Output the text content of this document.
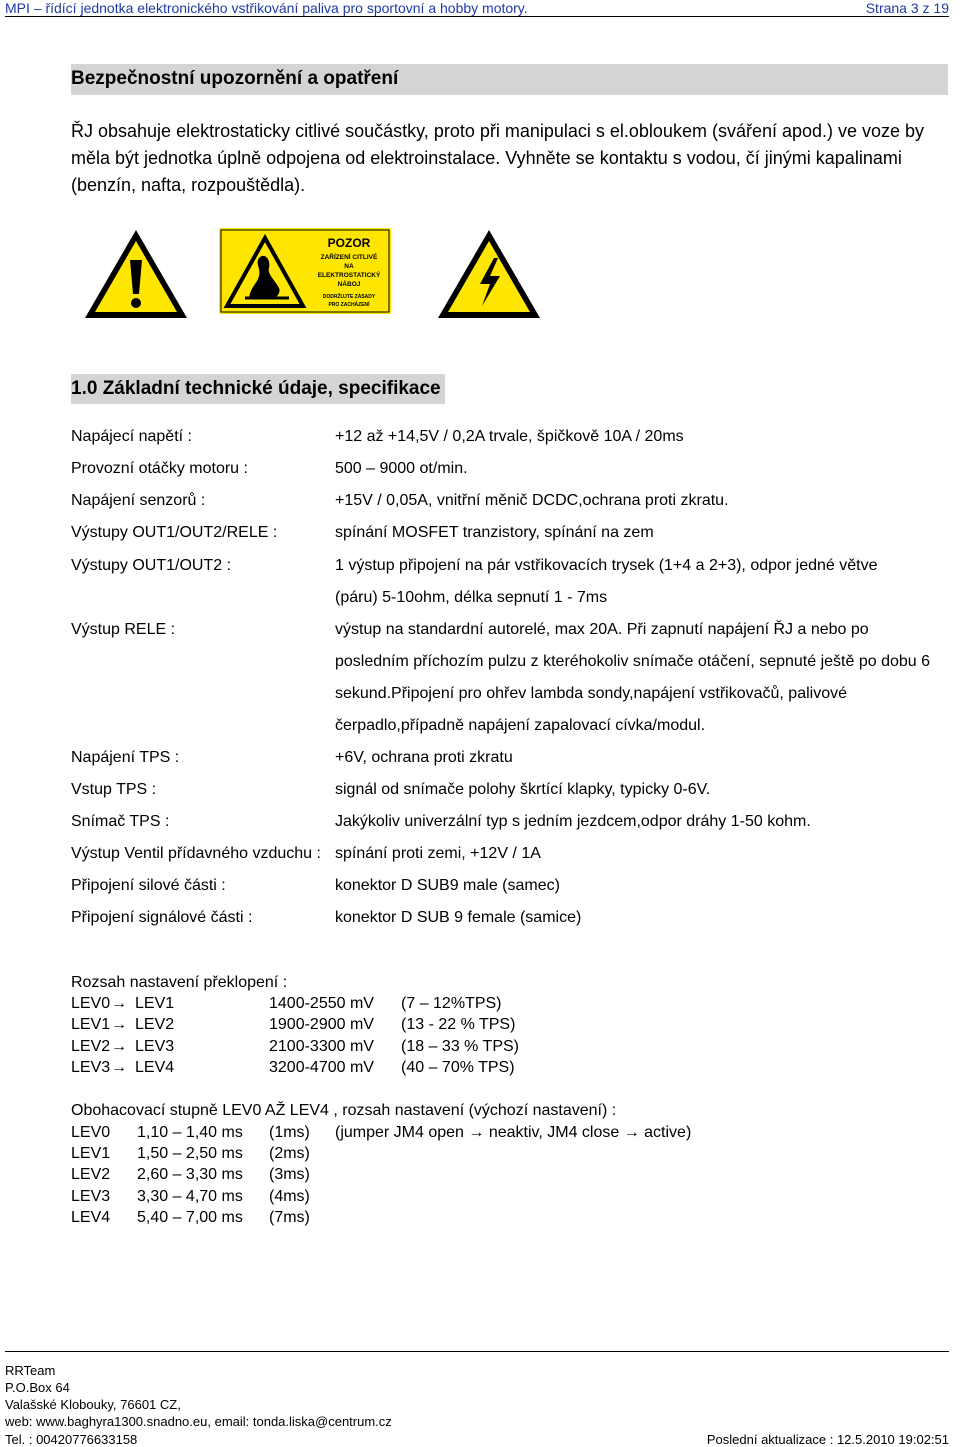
MPI – řídící jednotka elektronického vstřikování paliva pro sportovní a hobby motory.	Strana 3 z 19
Bezpečnostní upozornění a opatření
ŘJ obsahuje elektrostaticky citlivé součástky, proto při manipulaci s el.obloukem (sváření apod.) ve voze by měla být jednotka úplně odpojena od elektroinstalace. Vyhněte se kontaktu s vodou, čí jinými kapalinami (benzín, nafta, rozpouštědla).
POZOR
ZAŘÍZENÍ CITLIVÉ
NA
ELEKTROSTATICKÝ
NÁBOJ
DODRŽUJTE ZÁSADY
PRO ZACHÁZENÍ
1.0 Základní technické údaje, specifikace
Napájecí napětí :	+12 až +14,5V / 0,2A trvale, špičkově 10A / 20ms
Provozní otáčky motoru :	500 – 9000 ot/min.
Napájení senzorů :	+15V / 0,05A, vnitřní měnič DCDC,ochrana proti zkratu.
Výstupy OUT1/OUT2/RELE :	spínání MOSFET tranzistory, spínání na zem
Výstupy OUT1/OUT2 :	1 výstup připojení na pár vstřikovacích trysek (1+4 a 2+3), odpor jedné větve
(páru) 5-10ohm, délka sepnutí 1 - 7ms
Výstup RELE :	výstup na standardní autorelé, max 20A. Při zapnutí napájení ŘJ a nebo po
posledním příchozím pulzu z kteréhokoliv snímače otáčení, sepnuté ještě po dobu 6
sekund.Připojení pro ohřev lambda sondy,napájení vstřikovačů, palivové
čerpadlo,případně napájení zapalovací cívka/modul.
Napájení TPS :	+6V, ochrana proti zkratu
Vstup TPS :	signál od snímače polohy škrtící klapky, typicky 0-6V.
Snímač TPS :	Jakýkoliv univerzální typ s jedním jezdcem,odpor dráhy 1-50 kohm.
Výstup Ventil přídavného vzduchu : spínání proti zemi, +12V / 1A
Připojení silové části :	konektor D SUB9 male (samec)
Připojení signálové části :	konektor D SUB 9 female (samice)
Rozsah nastavení překlopení :
LEV0 → LEV1	1400-2550 mV (7 – 12%TPS)
LEV1 → LEV2	1900-2900 mV (13 - 22 % TPS)
LEV2 → LEV3	2100-3300 mV (18 – 33 % TPS)
LEV3 → LEV4	3200-4700 mV (40 – 70% TPS)
Obohacovací stupně LEV0 AŽ LEV4 , rozsah nastavení (výchozí nastavení) :
LEV0 1,10 – 1,40 ms (1ms) (jumper JM4 open → neaktiv, JM4 close → active)
LEV1 1,50 – 2,50 ms (2ms)
LEV2 2,60 – 3,30 ms (3ms)
LEV3 3,30 – 4,70 ms (4ms)
LEV4 5,40 – 7,00 ms (7ms)
RRTeam
P.O.Box 64
Valašské Klobouky, 76601 CZ,
web: www.baghyra1300.snadno.eu, email: tonda.liska@centrum.cz
Tel. : 00420776633158	Poslední aktualizace : 12.5.2010 19:02:51
